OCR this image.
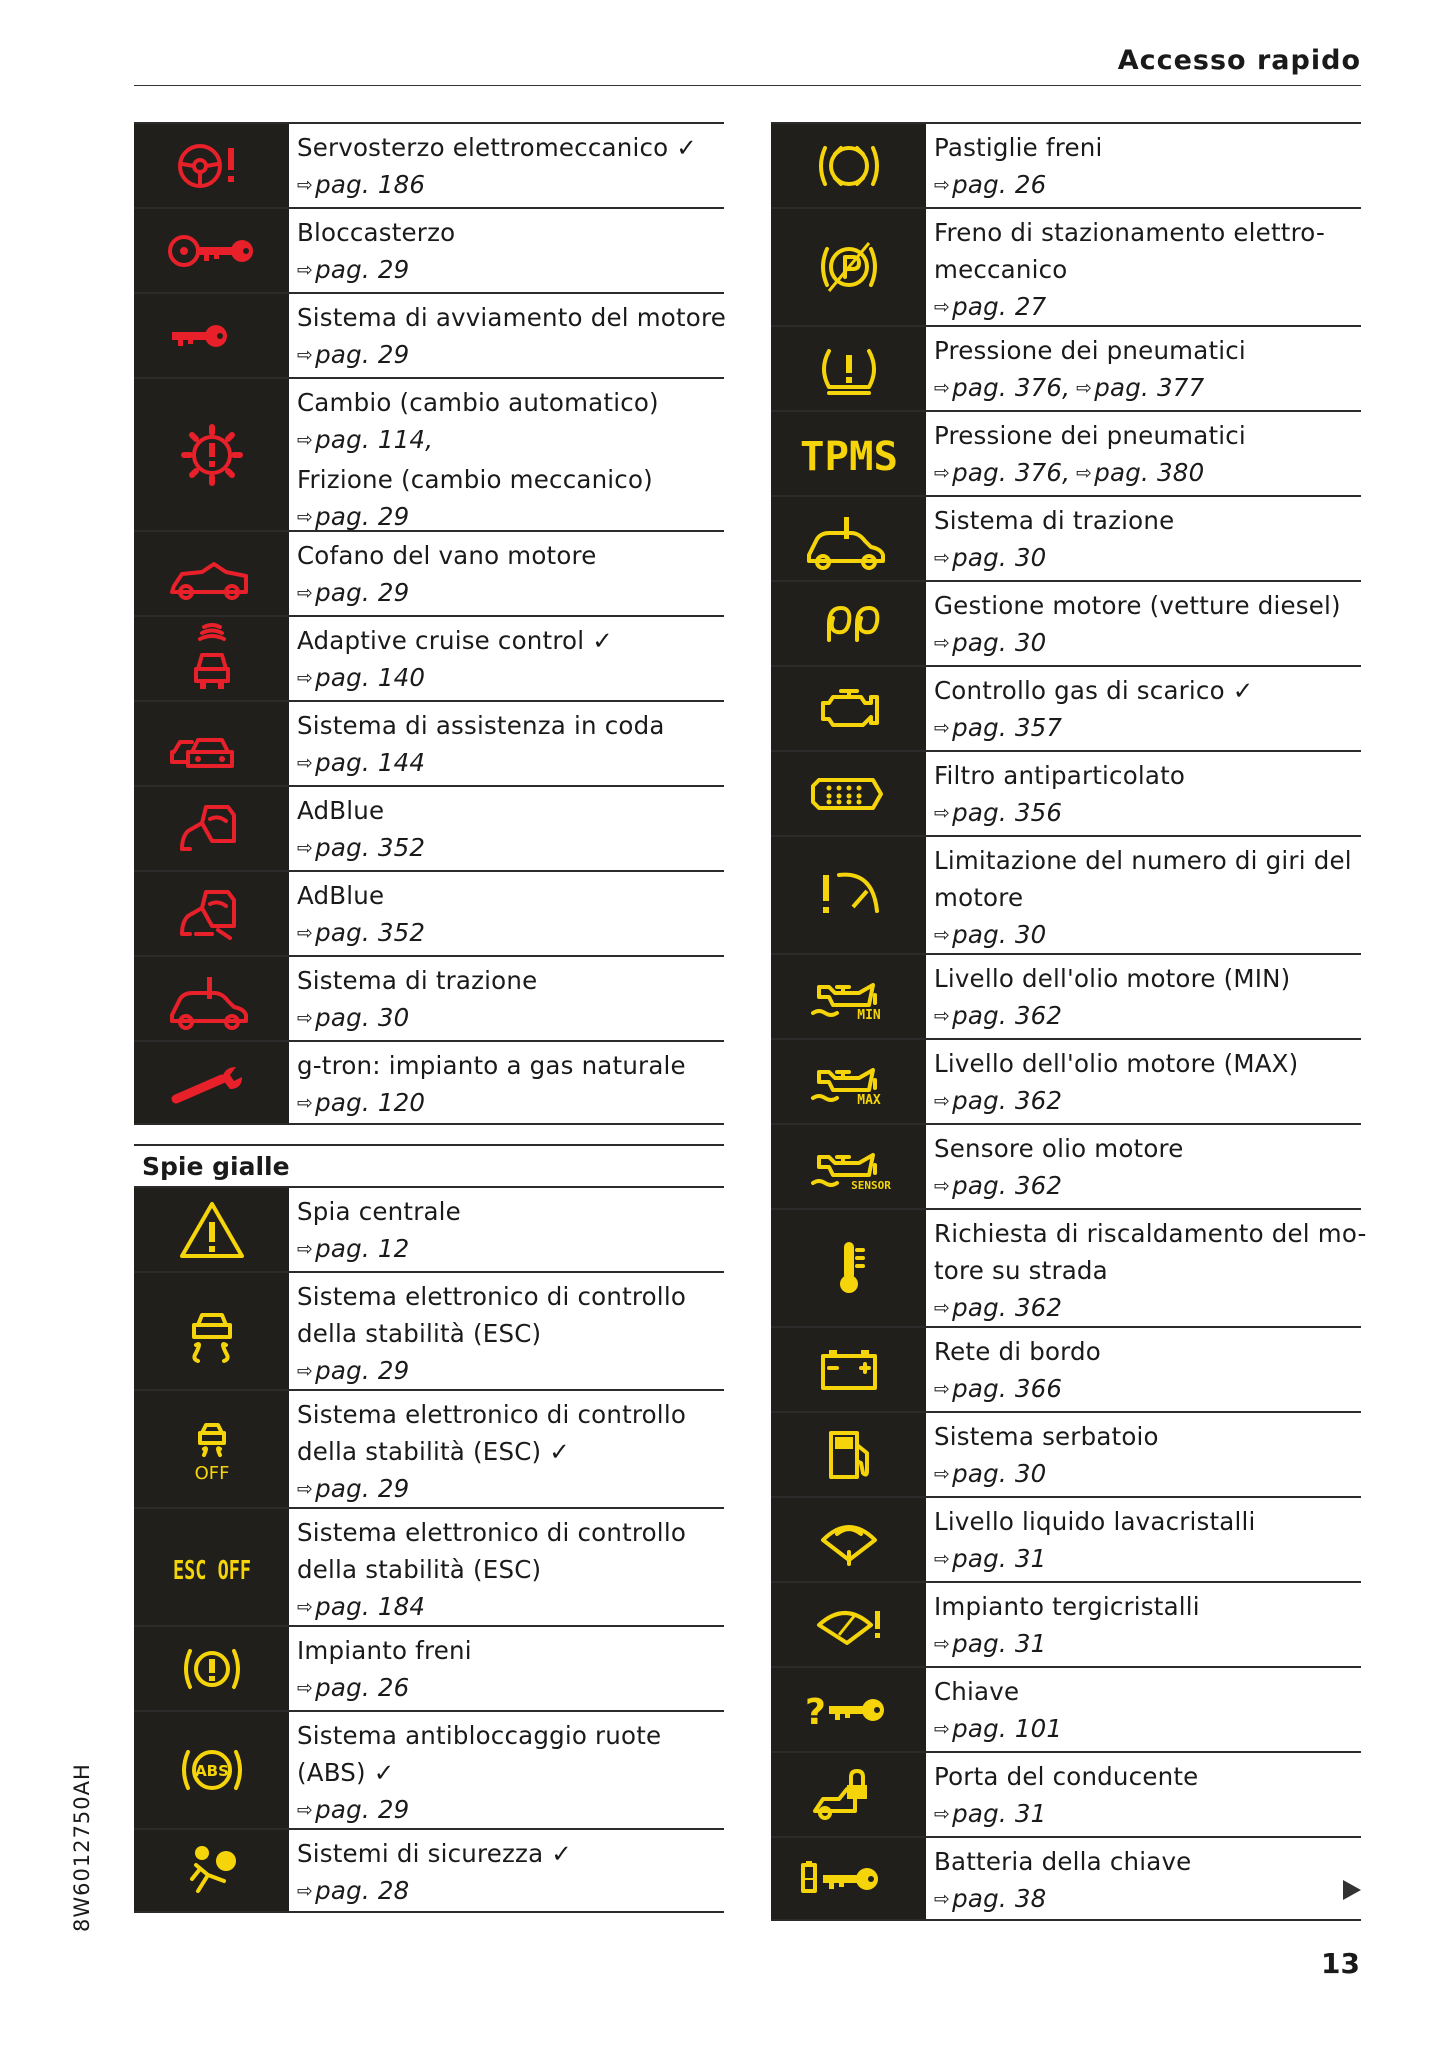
Accesso rapido
Servosterzo elettromeccanico ✓
⇨pag. 186
Bloccasterzo
⇨pag. 29
Sistema di avviamento del motore
⇨pag. 29
Cambio (cambio automatico)
⇨pag. 114,
Frizione (cambio meccanico)
⇨pag. 29
Cofano del vano motore
⇨pag. 29
Adaptive cruise control ✓
⇨pag. 140
Sistema di assistenza in coda
⇨pag. 144
AdBlue
⇨pag. 352
AdBlue
⇨pag. 352
Sistema di trazione
⇨pag. 30
g-tron: impianto a gas naturale
⇨pag. 120
Spie gialle
Spia centrale
⇨pag. 12
Sistema elettronico di controllo
della stabilità (ESC)
⇨pag. 29
OFF
Sistema elettronico di controllo
della stabilità (ESC) ✓
⇨pag. 29
ESC OFF
Sistema elettronico di controllo
della stabilità (ESC)
⇨pag. 184
Impianto freni
⇨pag. 26
ABS
Sistema antibloccaggio ruote
(ABS) ✓
⇨pag. 29
Sistemi di sicurezza ✓
⇨pag. 28
Pastiglie freni
⇨pag. 26
Freno di stazionamento elettro-
meccanico
⇨pag. 27
Pressione dei pneumatici
⇨pag. 376, ⇨pag. 377
TPMS Pressione dei pneumatici
⇨pag. 376, ⇨pag. 380
Sistema di trazione
⇨pag. 30
Gestione motore (vetture diesel)
⇨pag. 30
Controllo gas di scarico ✓
⇨pag. 357
Filtro antiparticolato
⇨pag. 356
Limitazione del numero di giri del
motore
⇨pag. 30
MIN
Livello dell'olio motore (MIN)
⇨pag. 362
MAX
Livello dell'olio motore (MAX)
⇨pag. 362
SENSOR
Sensore olio motore
⇨pag. 362
Richiesta di riscaldamento del mo-
tore su strada
⇨pag. 362
Rete di bordo
⇨pag. 366
Sistema serbatoio
⇨pag. 30
Livello liquido lavacristalli
⇨pag. 31
Impianto tergicristalli
⇨pag. 31
?	Chiave
⇨pag. 101
Porta del conducente
⇨pag. 31
Batteria della chiave
⇨pag. 38
8W6012750AH
13
